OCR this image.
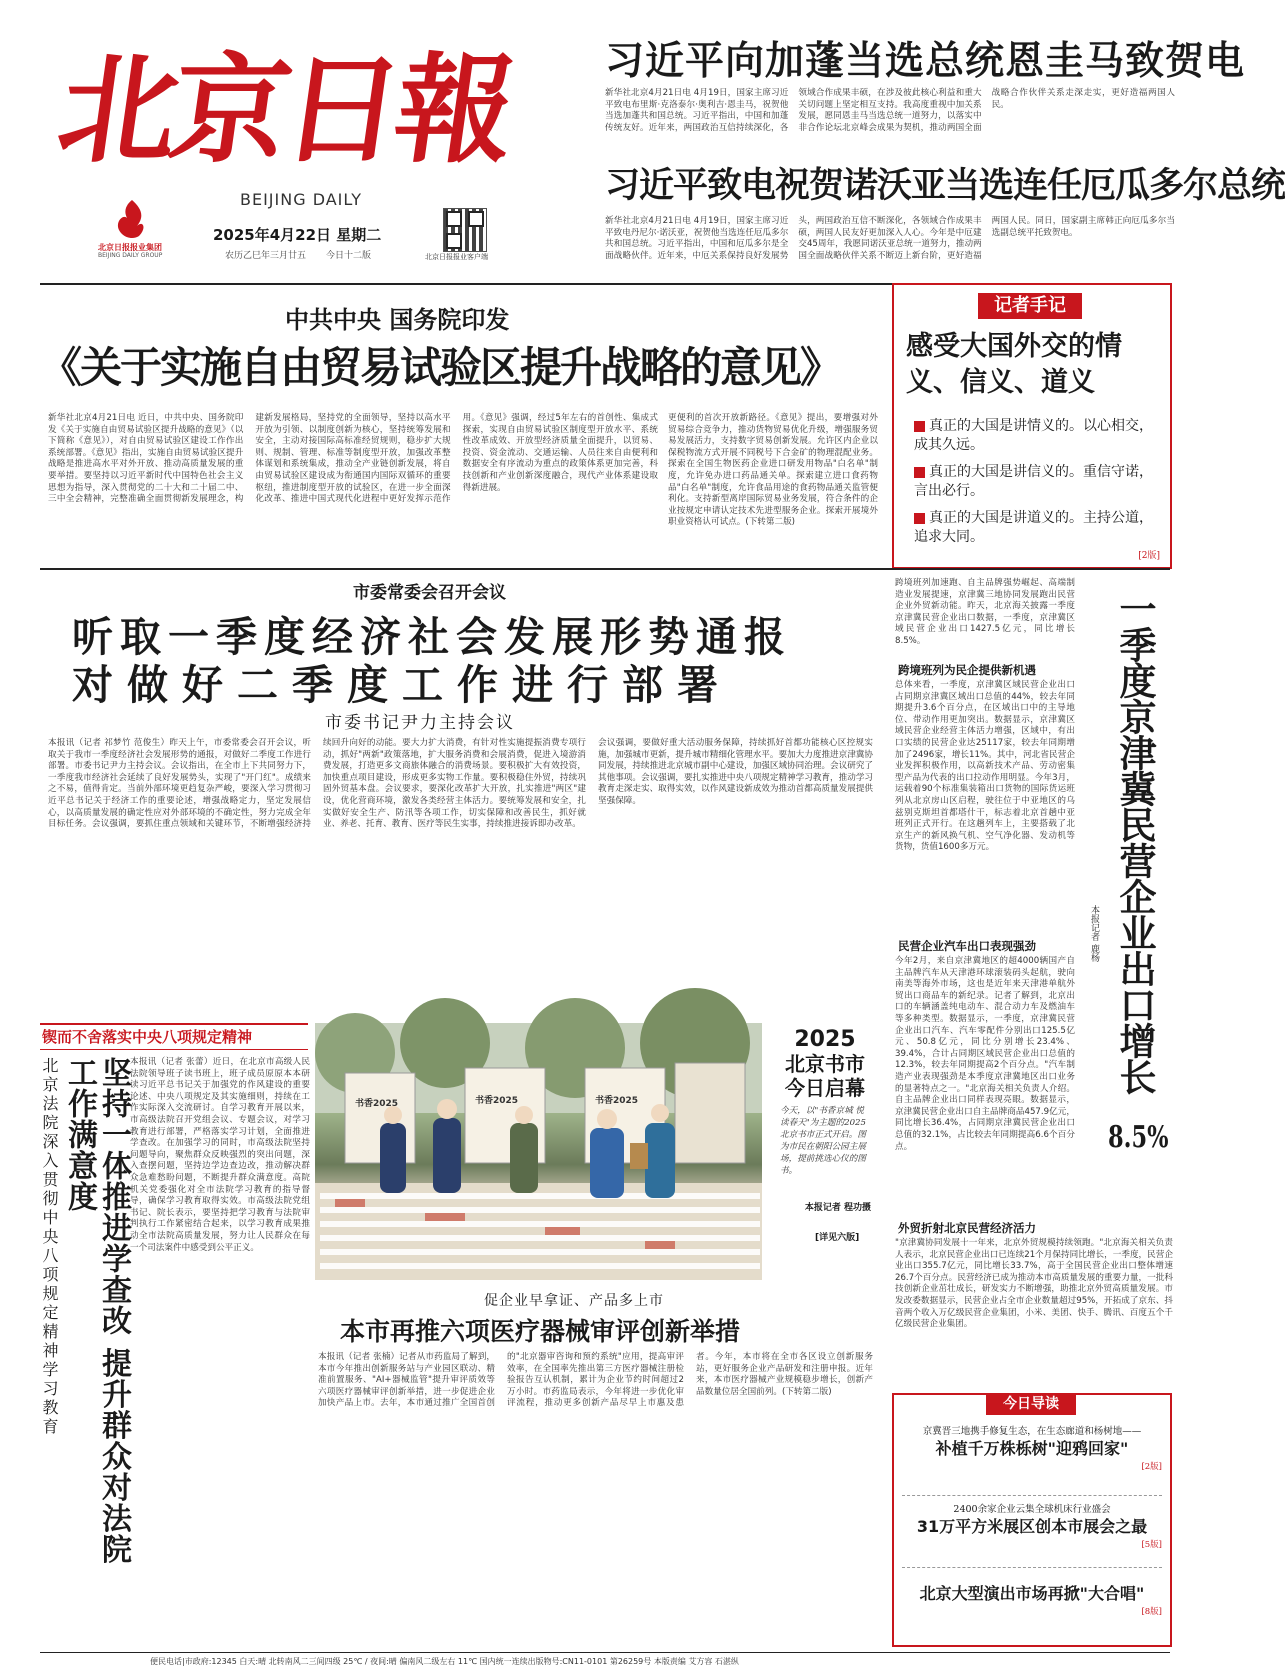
北京日報
BEIJING DAILY
北京日报报业集团
BEIJING DAILY GROUP
2025年4月22日 星期二
农历乙巳年三月廿五 今日十二版	北京日报报业客户端
习近平向加蓬当选总统恩圭马致贺电
新华社北京4月21日电 4月19日，国家主席习近平致电布里斯·克洛泰尔·奥利吉·恩圭马，祝贺他当选加蓬共和国总统。习近平指出，中国和加蓬传统友好。近年来，两国政治互信持续深化，各领域合作成果丰硕，在涉及彼此核心利益和重大关切问题上坚定相互支持。我高度重视中加关系发展，愿同恩圭马当选总统一道努力，以落实中非合作论坛北京峰会成果为契机，推动两国全面战略合作伙伴关系走深走实，更好造福两国人民。
习近平致电祝贺诺沃亚当选连任厄瓜多尔总统
新华社北京4月21日电 4月19日，国家主席习近平致电丹尼尔·诺沃亚，祝贺他当选连任厄瓜多尔共和国总统。习近平指出，中国和厄瓜多尔是全面战略伙伴。近年来，中厄关系保持良好发展势头，两国政治互信不断深化，各领域合作成果丰硕，两国人民友好更加深入人心。今年是中厄建交45周年，我愿同诺沃亚总统一道努力，推动两国全面战略伙伴关系不断迈上新台阶，更好造福两国人民。同日，国家副主席韩正向厄瓜多尔当选副总统平托致贺电。
中共中央 国务院印发
《关于实施自由贸易试验区提升战略的意见》
新华社北京4月21日电 近日，中共中央、国务院印发《关于实施自由贸易试验区提升战略的意见》（以下简称《意见》），对自由贸易试验区建设工作作出系统部署。《意见》指出，实施自由贸易试验区提升战略是推进高水平对外开放、推动高质量发展的重要举措。要坚持以习近平新时代中国特色社会主义思想为指导，深入贯彻党的二十大和二十届二中、三中全会精神，完整准确全面贯彻新发展理念，构建新发展格局，坚持党的全面领导，坚持以高水平开放为引领、以制度创新为核心，坚持统筹发展和安全，主动对接国际高标准经贸规则，稳步扩大规则、规制、管理、标准等制度型开放，加强改革整体谋划和系统集成，推动全产业链创新发展，将自由贸易试验区建设成为衔通国内国际双循环的重要枢纽，推进制度型开放的试验区，在进一步全面深化改革、推进中国式现代化进程中更好发挥示范作用。《意见》强调，经过5年左右的首创性、集成式探索，实现自由贸易试验区制度型开放水平、系统性改革成效、开放型经济质量全面提升，以贸易、投资、资金流动、交通运输、人员往来自由便利和数据安全有序流动为重点的政策体系更加完善，科技创新和产业创新深度融合，现代产业体系建设取得新进展。
更便利的首次开放新路径。《意见》提出，要增强对外贸易综合竞争力，推动货物贸易优化升级，增强服务贸易发展活力，支持数字贸易创新发展。允许区内企业以保税物流方式开展不同税号下合金矿的物理混配业务。探索在全国生物医药企业进口研发用物品"白名单"制度，允许免办进口药品通关单。探索建立进口食药物品"白名单"制度，允许食品用途的食药物品通关监管便利化。支持新型离岸国际贸易业务发展，符合条件的企业按规定申请认定技术先进型服务企业。探索开展境外职业资格认可试点。(下转第二版)
记者手记
感受大国外交的情义、信义、道义
真正的大国是讲情义的。以心相交，成其久远。
真正的大国是讲信义的。重信守诺，言出必行。
真正的大国是讲道义的。主持公道，追求大同。
[2版]
市委常委会召开会议
听取一季度经济社会发展形势通报
对做好二季度工作进行部署
市委书记尹力主持会议
本报讯（记者 祁梦竹 范俊生）昨天上午，市委常委会召开会议，听取关于我市一季度经济社会发展形势的通报，对做好二季度工作进行部署。市委书记尹力主持会议。会议指出，在全市上下共同努力下，一季度我市经济社会延续了良好发展势头，实现了"开门红"。成绩来之不易，值得肯定。当前外部环境更趋复杂严峻，要深入学习贯彻习近平总书记关于经济工作的重要论述，增强战略定力，坚定发展信心，以高质量发展的确定性应对外部环境的不确定性，努力完成全年目标任务。会议强调，要抓住重点领域和关键环节，不断增强经济持续回升向好的动能。要大力扩大消费，有针对性实施提振消费专项行动，抓好"两新"政策落地，扩大服务消费和会展消费，促进入境游消费发展，打造更多文商旅体融合的消费场景。要积极扩大有效投资，加快重点项目建设，形成更多实物工作量。要积极稳住外贸，持续巩固外贸基本盘。会议要求，要深化改革扩大开放，扎实推进"两区"建设，优化营商环境，激发各类经营主体活力。要统筹发展和安全，扎实做好安全生产、防汛等各项工作，切实保障和改善民生，抓好就业、养老、托育、教育、医疗等民生实事，持续推进接诉即办改革。
会议强调，要做好重大活动服务保障，持续抓好首都功能核心区控规实施，加强城市更新，提升城市精细化管理水平。要加大力度推进京津冀协同发展，持续推进北京城市副中心建设，加强区域协同治理。会议研究了其他事项。会议强调，要扎实推进中央八项规定精神学习教育，推动学习教育走深走实、取得实效，以作风建设新成效为推动首都高质量发展提供坚强保障。
锲而不舍落实中央八项规定精神
北京法院深入贯彻中央八项规定精神学习教育	坚持一体推进学查改 提升群众对法院工作满意度	本报讯（记者 张蕾）近日，在北京市高级人民法院领导班子读书班上，班子成员原原本本研读习近平总书记关于加强党的作风建设的重要论述、中央八项规定及其实施细则，持续在工作实际深入交流研讨。自学习教育开展以来，市高级法院召开党组会议、专题会议，对学习教育进行部署，严格落实学习计划，全面推进学查改。在加强学习的同时，市高级法院坚持问题导向，聚焦群众反映强烈的突出问题，深入查摆问题，坚持边学边查边改，推动解决群众急难愁盼问题，不断提升群众满意度。高院机关党委强化对全市法院学习教育的指导督导，确保学习教育取得实效。市高级法院党组书记、院长表示，要坚持把学习教育与法院审判执行工作紧密结合起来，以学习教育成果推动全市法院高质量发展，努力让人民群众在每一个司法案件中感受到公平正义。
书香2025	书香2025	书香2025
2025
北京书市
今日启幕
今天，以"书香京城 悦读春天"为主题的2025北京书市正式开启。图为市民在朝阳公园主展场，提前挑选心仪的图书。
本报记者 程功摄
[详见六版]
促企业早拿证、产品多上市
本市再推六项医疗器械审评创新举措
本报讯（记者 张楠）记者从市药监局了解到，本市今年推出创新服务站与产业园区联动、精准前置服务、"AI+器械监管"提升审评质效等六项医疗器械审评创新举措，进一步促进企业加快产品上市。去年，本市通过推广全国首创的"北京器审咨询和预约系统"应用，提高审评效率，在全国率先推出第三方医疗器械注册检验报告互认机制，累计为企业节约时间超过2万小时。市药监局表示，今年将进一步优化审评流程，推动更多创新产品尽早上市惠及患者。今年，本市将在全市各区设立创新服务站，更好服务企业产品研发和注册申报。近年来，本市医疗器械产业规模稳步增长，创新产品数量位居全国前列。(下转第二版)
跨境班列加速跑、自主品牌强势崛起、高端制造业发展提速，京津冀三地协同发展跑出民营企业外贸新动能。昨天，北京海关披露一季度京津冀民营企业出口数据，一季度，京津冀区域民营企业出口1427.5亿元，同比增长8.5%。
跨境班列为民企提供新机遇
总体来看，一季度，京津冀区域民营企业出口占同期京津冀区域出口总值的44%，较去年同期提升3.6个百分点，在区域出口中的主导地位、带动作用更加突出。数据显示，京津冀区域民营企业经营主体活力增强，区域中，有出口实绩的民营企业达25117家，较去年同期增加了2496家，增长11%。其中，河北省民营企业发挥积极作用，以高新技术产品、劳动密集型产品为代表的出口拉动作用明显。今年3月，运载着90个标准集装箱出口货物的国际货运班列从北京房山区启程，驶往位于中亚地区的乌兹别克斯坦首都塔什干，标志着北京首趟中亚班列正式开行。在这趟列车上，主要搭载了北京生产的新风换气机、空气净化器、发动机等货物，货值1600多万元。
民营企业汽车出口表现强劲
今年2月，来自京津冀地区的超4000辆国产自主品牌汽车从天津港环球滚装码头起航，驶向南美等海外市场，这也是近年来天津港单航外贸出口商品车的新纪录。记者了解到，北京出口的车辆涵盖纯电动车、混合动力车及燃油车等多种类型。数据显示，一季度，京津冀民营企业出口汽车、汽车零配件分别出口125.5亿元、50.8亿元，同比分别增长23.4%、39.4%，合计占同期区域民营企业出口总值的12.3%，较去年同期提高2个百分点。"汽车制造产业表现强劲是本季度京津冀地区出口业务的显著特点之一。"北京海关相关负责人介绍。自主品牌企业出口同样表现亮眼。数据显示，京津冀民营企业出口自主品牌商品457.9亿元，同比增长36.4%，占同期京津冀民营企业出口总值的32.1%，占比较去年同期提高6.6个百分点。
外贸折射北京民营经济活力
"京津冀协同发展十一年来，北京外贸规模持续领跑。"北京海关相关负责人表示，北京民营企业出口已连续21个月保持同比增长，一季度，民营企业出口355.7亿元，同比增长33.7%，高于全国民营企业出口整体增速26.7个百分点。民营经济已成为推动本市高质量发展的重要力量，一批科技创新企业茁壮成长，研发实力不断增强，助推北京外贸高质量发展。市发改委数据显示，民营企业占全市企业数量超过95%，开拓成了京东、抖音两个收入万亿级民营企业集团，小米、美团、快手、腾讯、百度五个千亿级民营企业集团。
一季度京津冀民营企业出口增长
8.5%
本报记者 鹿杨
今日导读
京冀晋三地携手修复生态，在生态廊道和杨树地——
补植千万株栎树"迎鸦回家"
[2版]
2400余家企业云集全球机床行业盛会
31万平方米展区创本市展会之最
[5版]
北京大型演出市场再掀"大合唱"
[8版]
便民电话|市政府:12345 白天:晴 北转南风二三间四级 25℃ / 夜间:晴 偏南风二级左右 11℃ 国内统一连续出版物号:CN11-0101 第26259号 本版责编 艾方容 石湛纵
